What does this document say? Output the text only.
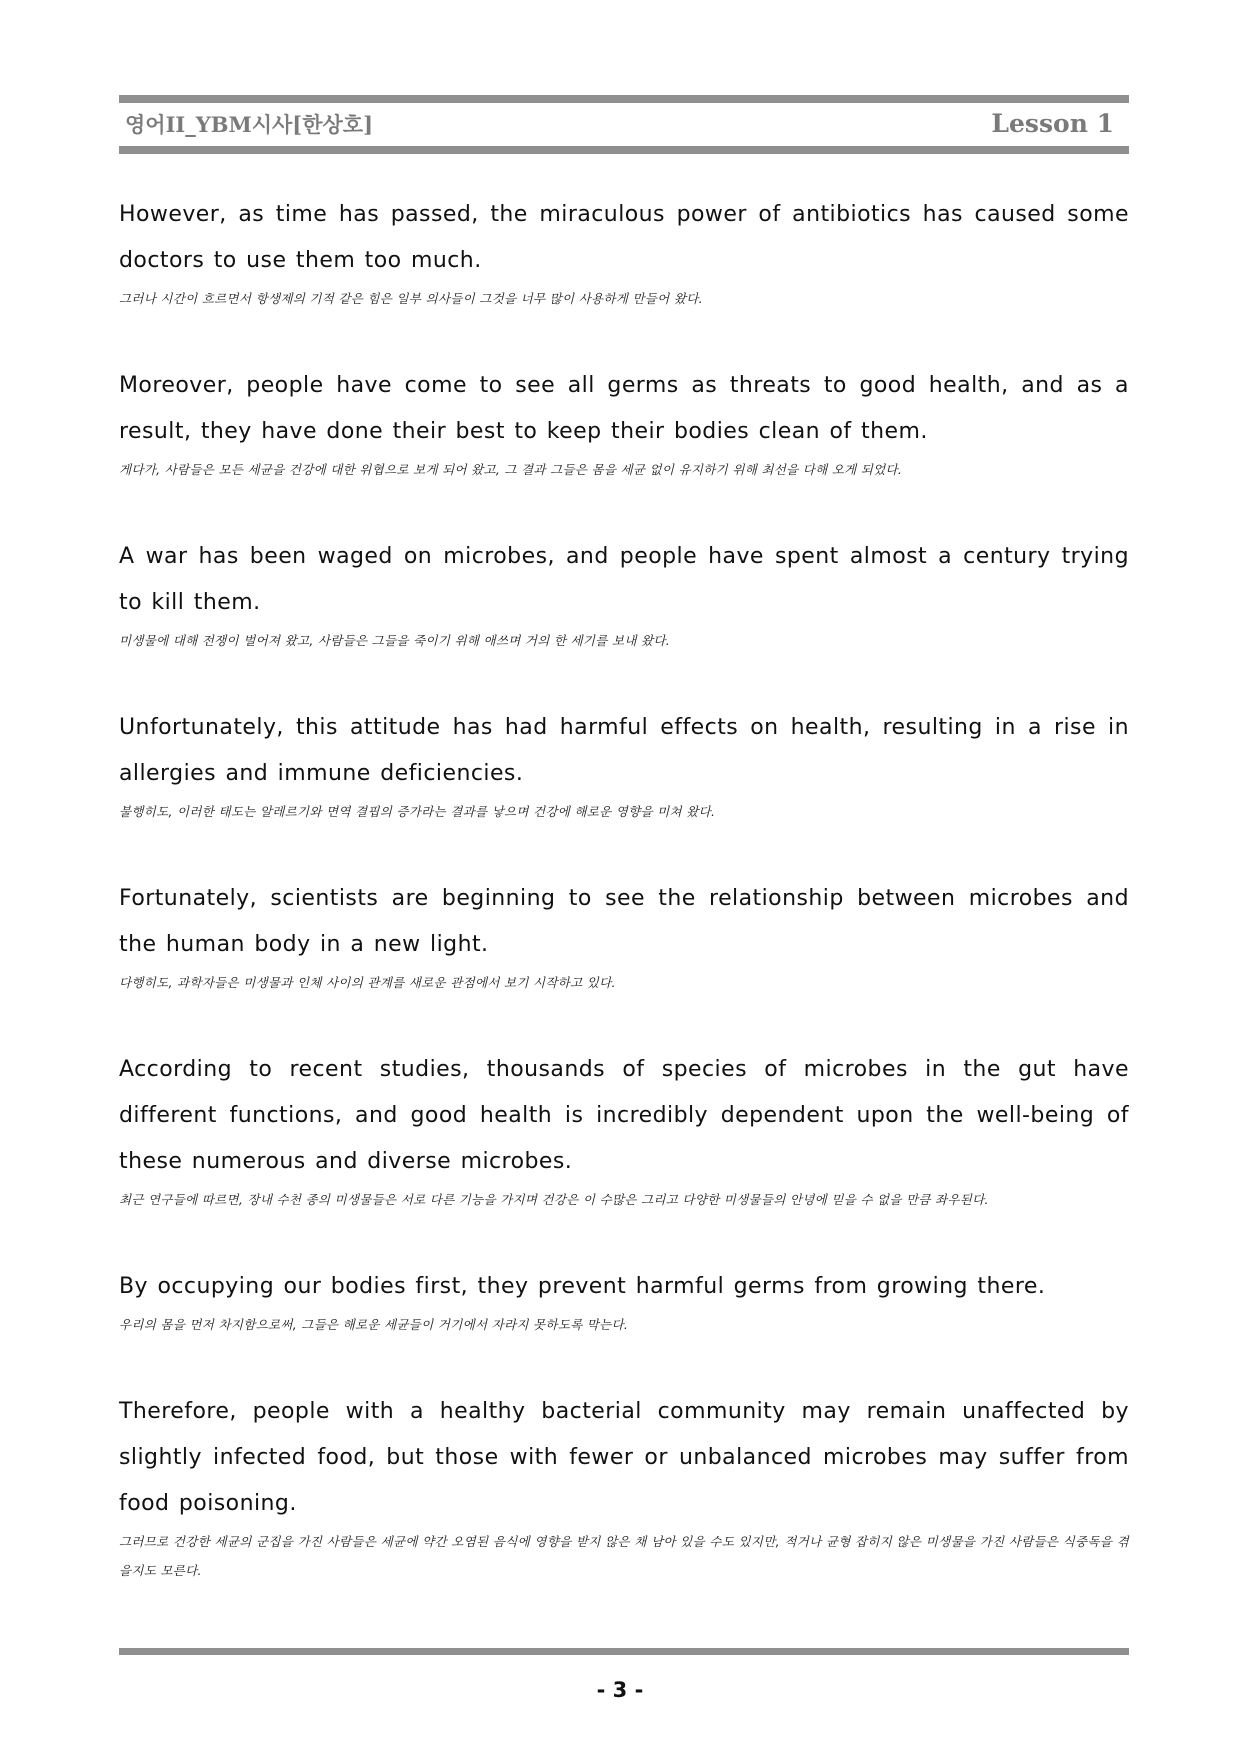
영어II_YBM시사[한상호]	Lesson 1

However, as time has passed, the miraculous power of antibiotics has caused some doctors to use them too much.

그러나 시간이 흐르면서 항생제의 기적 같은 힘은 일부 의사들이 그것을 너무 많이 사용하게 만들어 왔다.

Moreover, people have come to see all germs as threats to good health, and as a result, they have done their best to keep their bodies clean of them.

게다가, 사람들은 모든 세균을 건강에 대한 위협으로 보게 되어 왔고, 그 결과 그들은 몸을 세균 없이 유지하기 위해 최선을 다해 오게 되었다.

A war has been waged on microbes, and people have spent almost a century trying to kill them.

미생물에 대해 전쟁이 벌어져 왔고, 사람들은 그들을 죽이기 위해 애쓰며 거의 한 세기를 보내 왔다.

Unfortunately, this attitude has had harmful effects on health, resulting in a rise in allergies and immune deficiencies.

불행히도, 이러한 태도는 알레르기와 면역 결핍의 증가라는 결과를 낳으며 건강에 해로운 영향을 미쳐 왔다.

Fortunately, scientists are beginning to see the relationship between microbes and the human body in a new light.

다행히도, 과학자들은 미생물과 인체 사이의 관계를 새로운 관점에서 보기 시작하고 있다.

According to recent studies, thousands of species of microbes in the gut have different functions, and good health is incredibly dependent upon the well-being of these numerous and diverse microbes.

최근 연구들에 따르면, 장내 수천 종의 미생물들은 서로 다른 기능을 가지며 건강은 이 수많은 그리고 다양한 미생물들의 안녕에 믿을 수 없을 만큼 좌우된다.

By occupying our bodies first, they prevent harmful germs from growing there.

우리의 몸을 먼저 차지함으로써, 그들은 해로운 세균들이 거기에서 자라지 못하도록 막는다.

Therefore, people with a healthy bacterial community may remain unaffected by slightly infected food, but those with fewer or unbalanced microbes may suffer from food poisoning.

그러므로 건강한 세균의 군집을 가진 사람들은 세균에 약간 오염된 음식에 영향을 받지 않은 채 남아 있을 수도 있지만, 적거나 균형 잡히지 않은 미생물을 가진 사람들은 식중독을 겪을지도 모른다.

- 3 -
